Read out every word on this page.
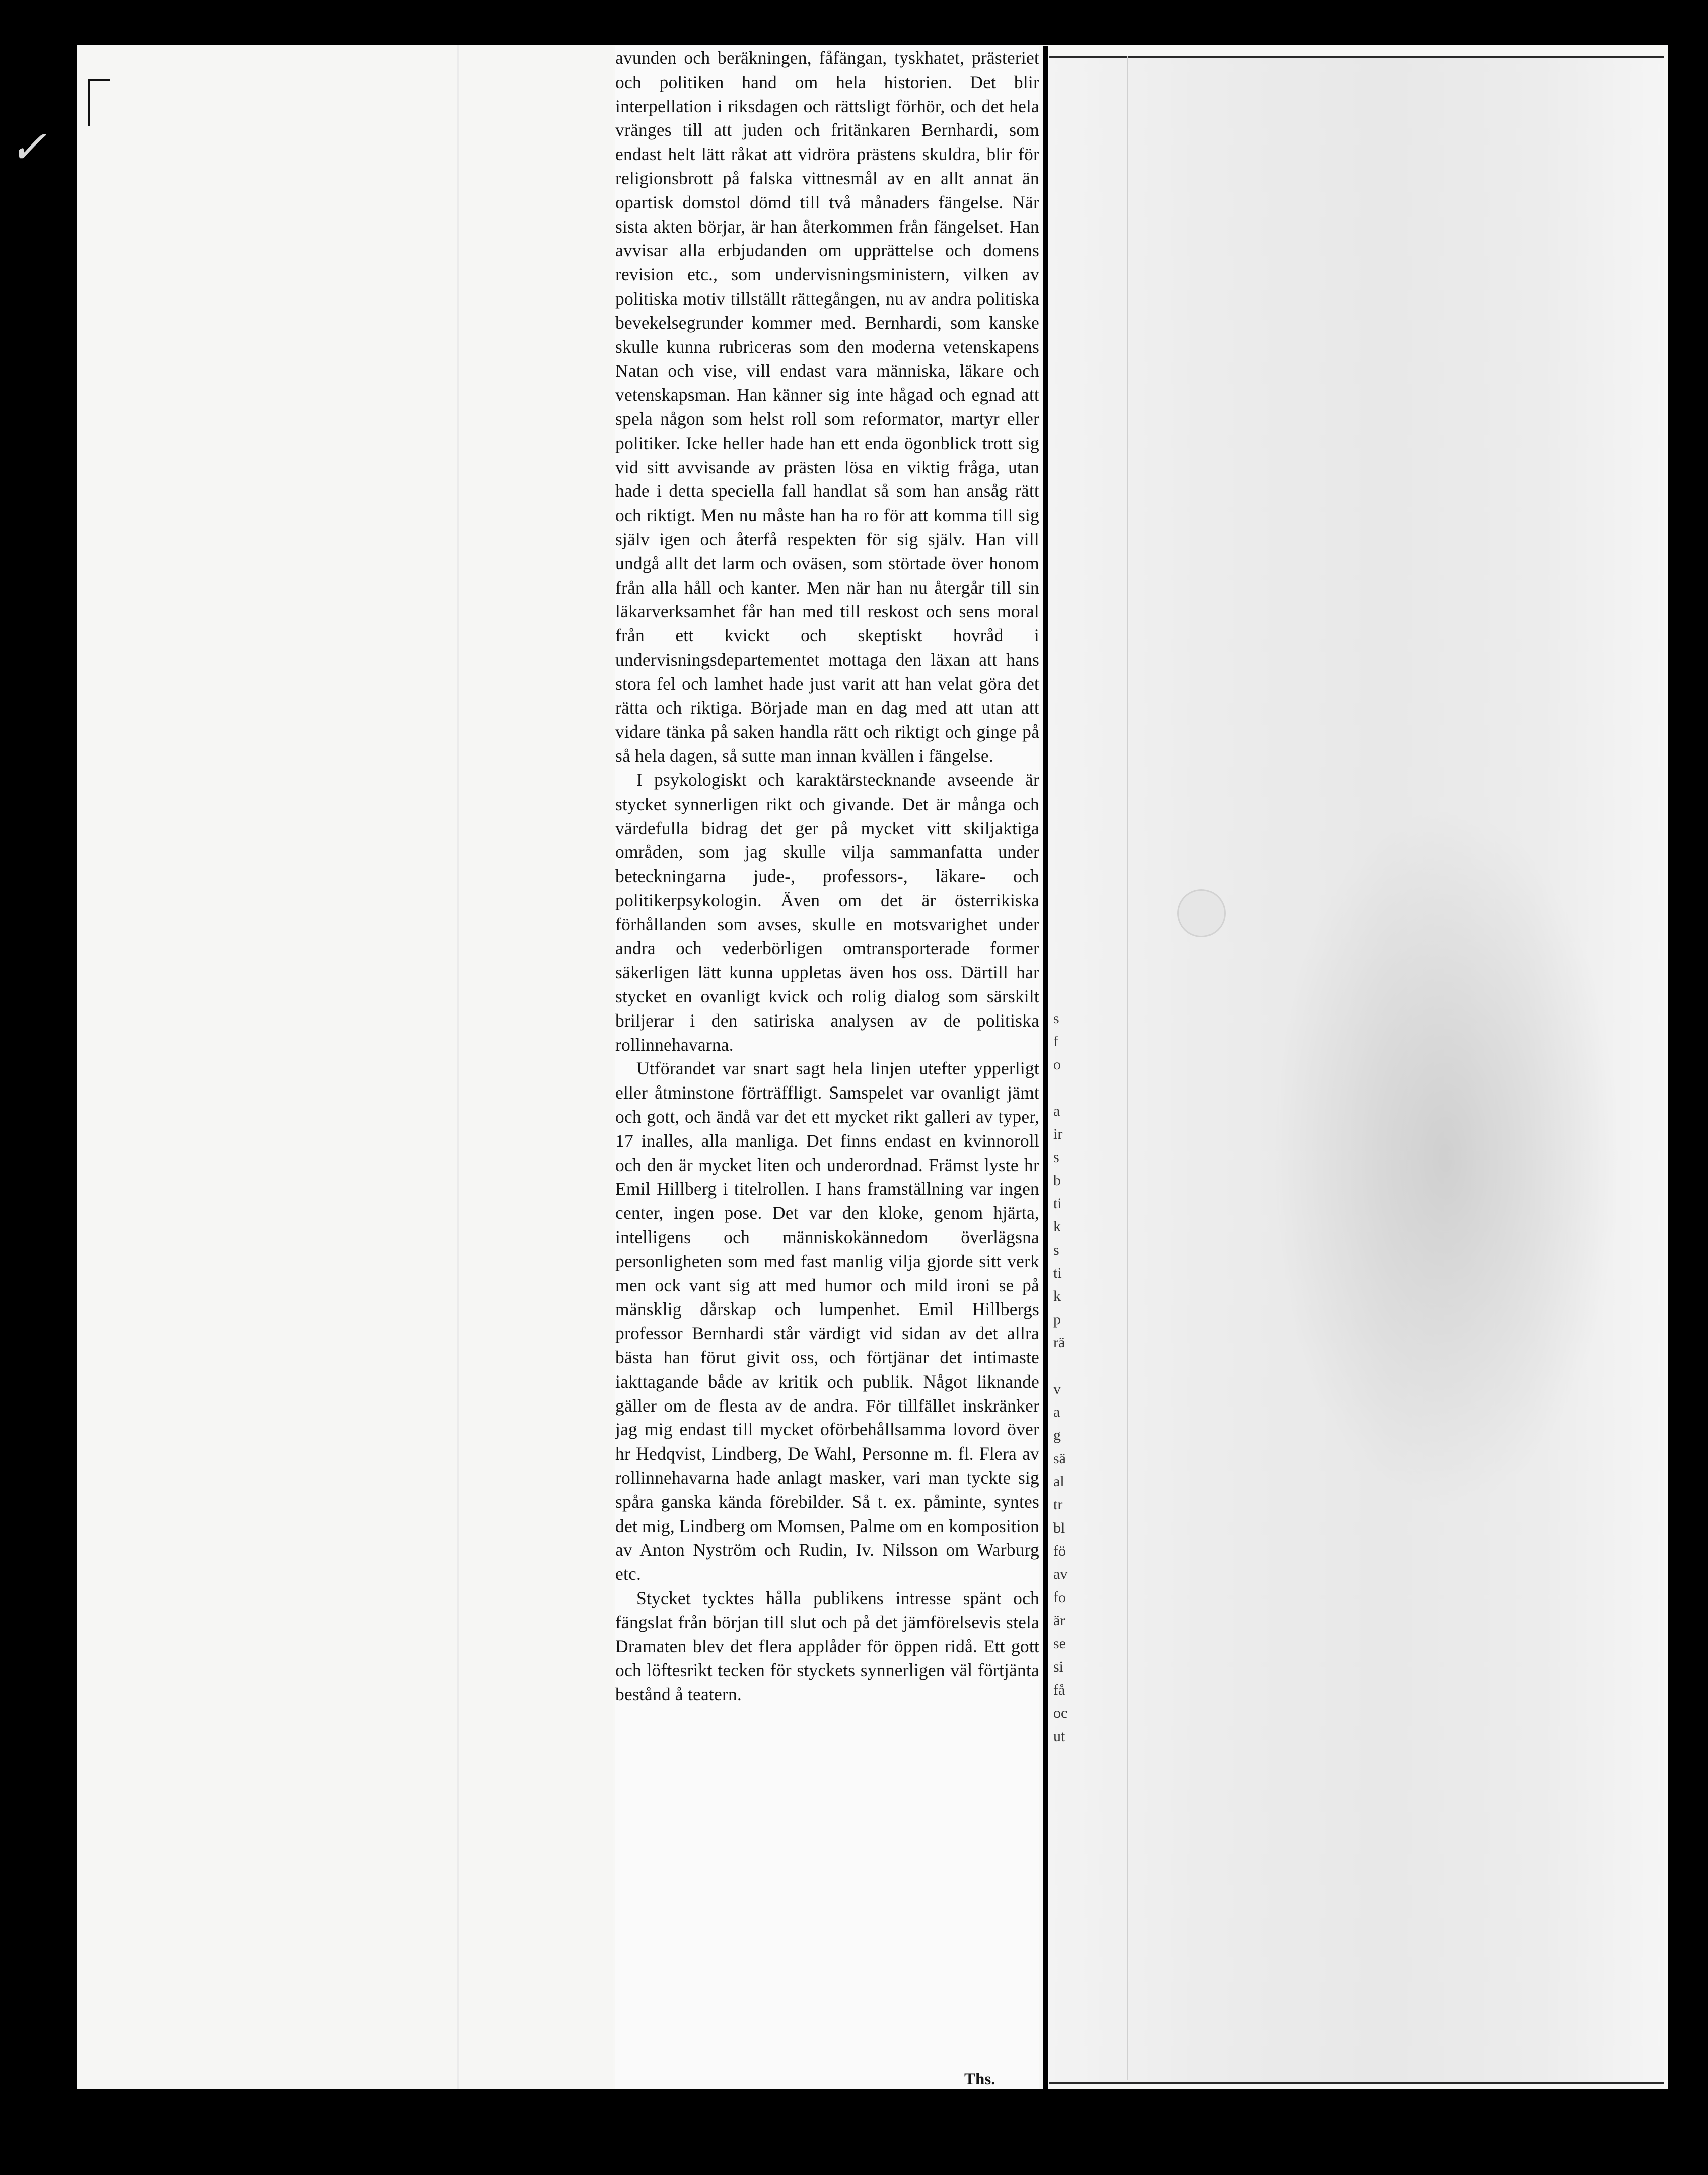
✓

avunden och beräkningen, fåfängan, tyskhatet, prästeriet och politiken hand om hela historien. Det blir interpellation i riksdagen och rättsligt förhör, och det hela vränges till att juden och fritänkaren Bernhardi, som endast helt lätt råkat att vidröra prästens skuldra, blir för religionsbrott på falska vittnesmål av en allt annat än opartisk domstol dömd till två månaders fängelse. När sista akten börjar, är han återkommen från fängelset. Han avvisar alla erbjudanden om upprättelse och domens revision etc., som undervisningsministern, vilken av politiska motiv tillställt rättegången, nu av andra politiska bevekelsegrunder kommer med. Bernhardi, som kanske skulle kunna rubriceras som den moderna vetenskapens Natan och vise, vill endast vara människa, läkare och vetenskapsman. Han känner sig inte hågad och egnad att spela någon som helst roll som reformator, martyr eller politiker. Icke heller hade han ett enda ögonblick trott sig vid sitt avvisande av prästen lösa en viktig fråga, utan hade i detta speciella fall handlat så som han ansåg rätt och riktigt. Men nu måste han ha ro för att komma till sig själv igen och återfå respekten för sig själv. Han vill undgå allt det larm och oväsen, som störtade över honom från alla håll och kanter. Men när han nu återgår till sin läkarverksamhet får han med till reskost och sens moral från ett kvickt och skeptiskt hovråd i undervisningsdepartementet mottaga den läxan att hans stora fel och lamhet hade just varit att han velat göra det rätta och riktiga. Började man en dag med att utan att vidare tänka på saken handla rätt och riktigt och ginge på så hela dagen, så sutte man innan kvällen i fängelse.

I psykologiskt och karaktärstecknande avseende är stycket synnerligen rikt och givande. Det är många och värdefulla bidrag det ger på mycket vitt skiljaktiga områden, som jag skulle vilja sammanfatta under beteckningarna jude-, professors-, läkare- och politikerpsykologin. Även om det är österrikiska förhållanden som avses, skulle en motsvarighet under andra och vederbörligen omtransporterade former säkerligen lätt kunna uppletas även hos oss. Därtill har stycket en ovanligt kvick och rolig dialog som särskilt briljerar i den satiriska analysen av de politiska rollinnehavarna.

Utförandet var snart sagt hela linjen utefter ypperligt eller åtminstone förträffligt. Samspelet var ovanligt jämt och gott, och ändå var det ett mycket rikt galleri av typer, 17 inalles, alla manliga. Det finns endast en kvinnoroll och den är mycket liten och underordnad. Främst lyste hr Emil Hillberg i titelrollen. I hans framställning var ingen center, ingen pose. Det var den kloke, genom hjärta, intelligens och människokännedom överlägsna personligheten som med fast manlig vilja gjorde sitt verk men ock vant sig att med humor och mild ironi se på mänsklig dårskap och lumpenhet. Emil Hillbergs professor Bernhardi står värdigt vid sidan av det allra bästa han förut givit oss, och förtjänar det intimaste iakttagande både av kritik och publik. Något liknande gäller om de flesta av de andra. För tillfället inskränker jag mig endast till mycket oförbehållsamma lovord över hr Hedqvist, Lindberg, De Wahl, Personne m. fl. Flera av rollinnehavarna hade anlagt masker, vari man tyckte sig spåra ganska kända förebilder. Så t. ex. påminte, syntes det mig, Lindberg om Momsen, Palme om en komposition av Anton Nyström och Rudin, Iv. Nilsson om Warburg etc.

Stycket tycktes hålla publikens intresse spänt och fängslat från början till slut och på det jämförelsevis stela Dramaten blev det flera applåder för öppen ridå. Ett gott och löftesrikt tecken för styckets synnerligen väl förtjänta bestånd å teatern.

Ths.
s
f
o
a
ir
s
b
ti
k
s
ti
k
p
rä
v
a
g
sä
al
tr
bl
fö
av
fo
är
se
si
få
oc
ut
